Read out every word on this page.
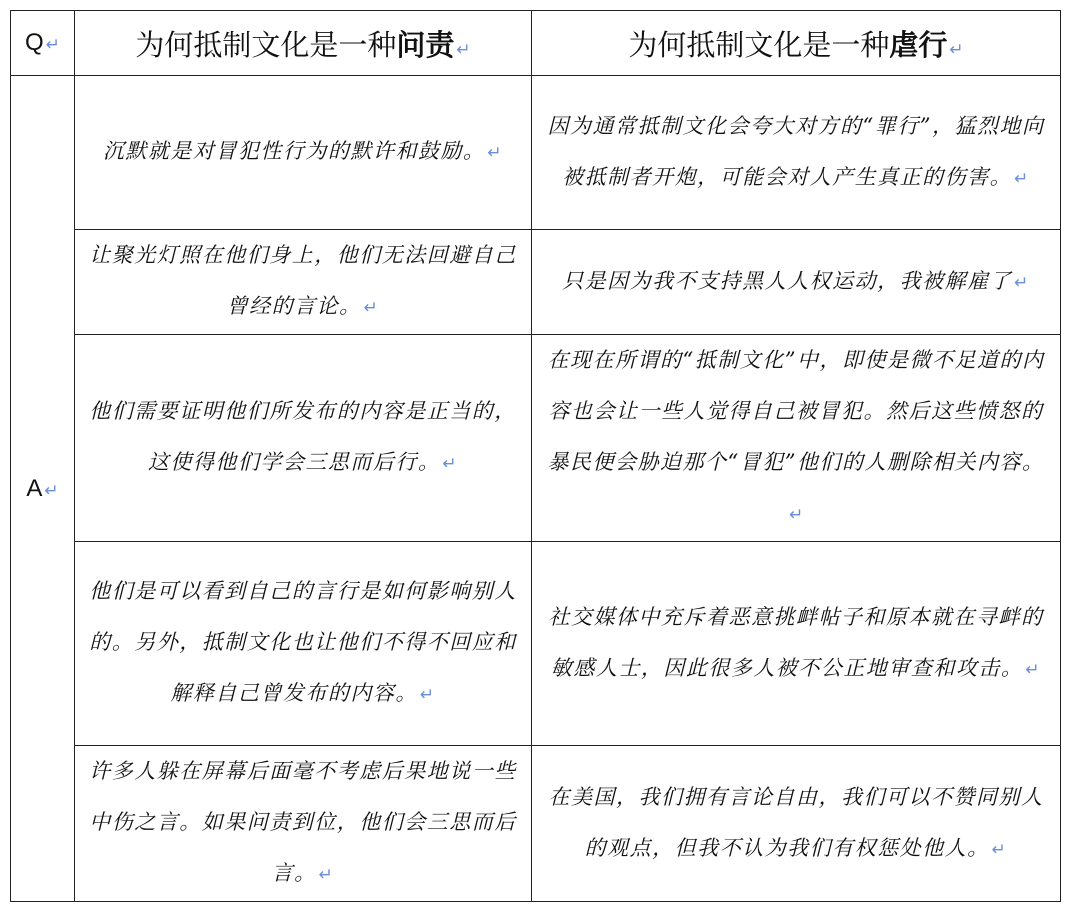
Q ↵	为何抵制文化是一种问责 ↵	为何抵制文化是一种虐行 ↵
A ↵	沉默就是对冒犯性行为的默许和鼓励。 ↵	因为通常抵制文化会夸大对方的“罪行”，猛烈地向被抵制者开炮，可能会对人产生真正的伤害。 ↵
	让聚光灯照在他们身上，他们无法回避自己曾经的言论。 ↵	只是因为我不支持黑人人权运动，我被解雇了 ↵
	他们需要证明他们所发布的内容是正当的，这使得他们学会三思而后行。 ↵	在现在所谓的“抵制文化”中，即使是微不足道的内容也会让一些人觉得自己被冒犯。然后这些愤怒的暴民便会胁迫那个“冒犯”他们的人删除相关内容。↵
	他们是可以看到自己的言行是如何影响别人的。另外，抵制文化也让他们不得不回应和解释自己曾发布的内容。 ↵	社交媒体中充斥着恶意挑衅帖子和原本就在寻衅的敏感人士，因此很多人被不公正地审查和攻击。 ↵
	许多人躲在屏幕后面毫不考虑后果地说一些中伤之言。如果问责到位，他们会三思而后言。 ↵	在美国，我们拥有言论自由，我们可以不赞同别人的观点，但我不认为我们有权惩处他人。 ↵
